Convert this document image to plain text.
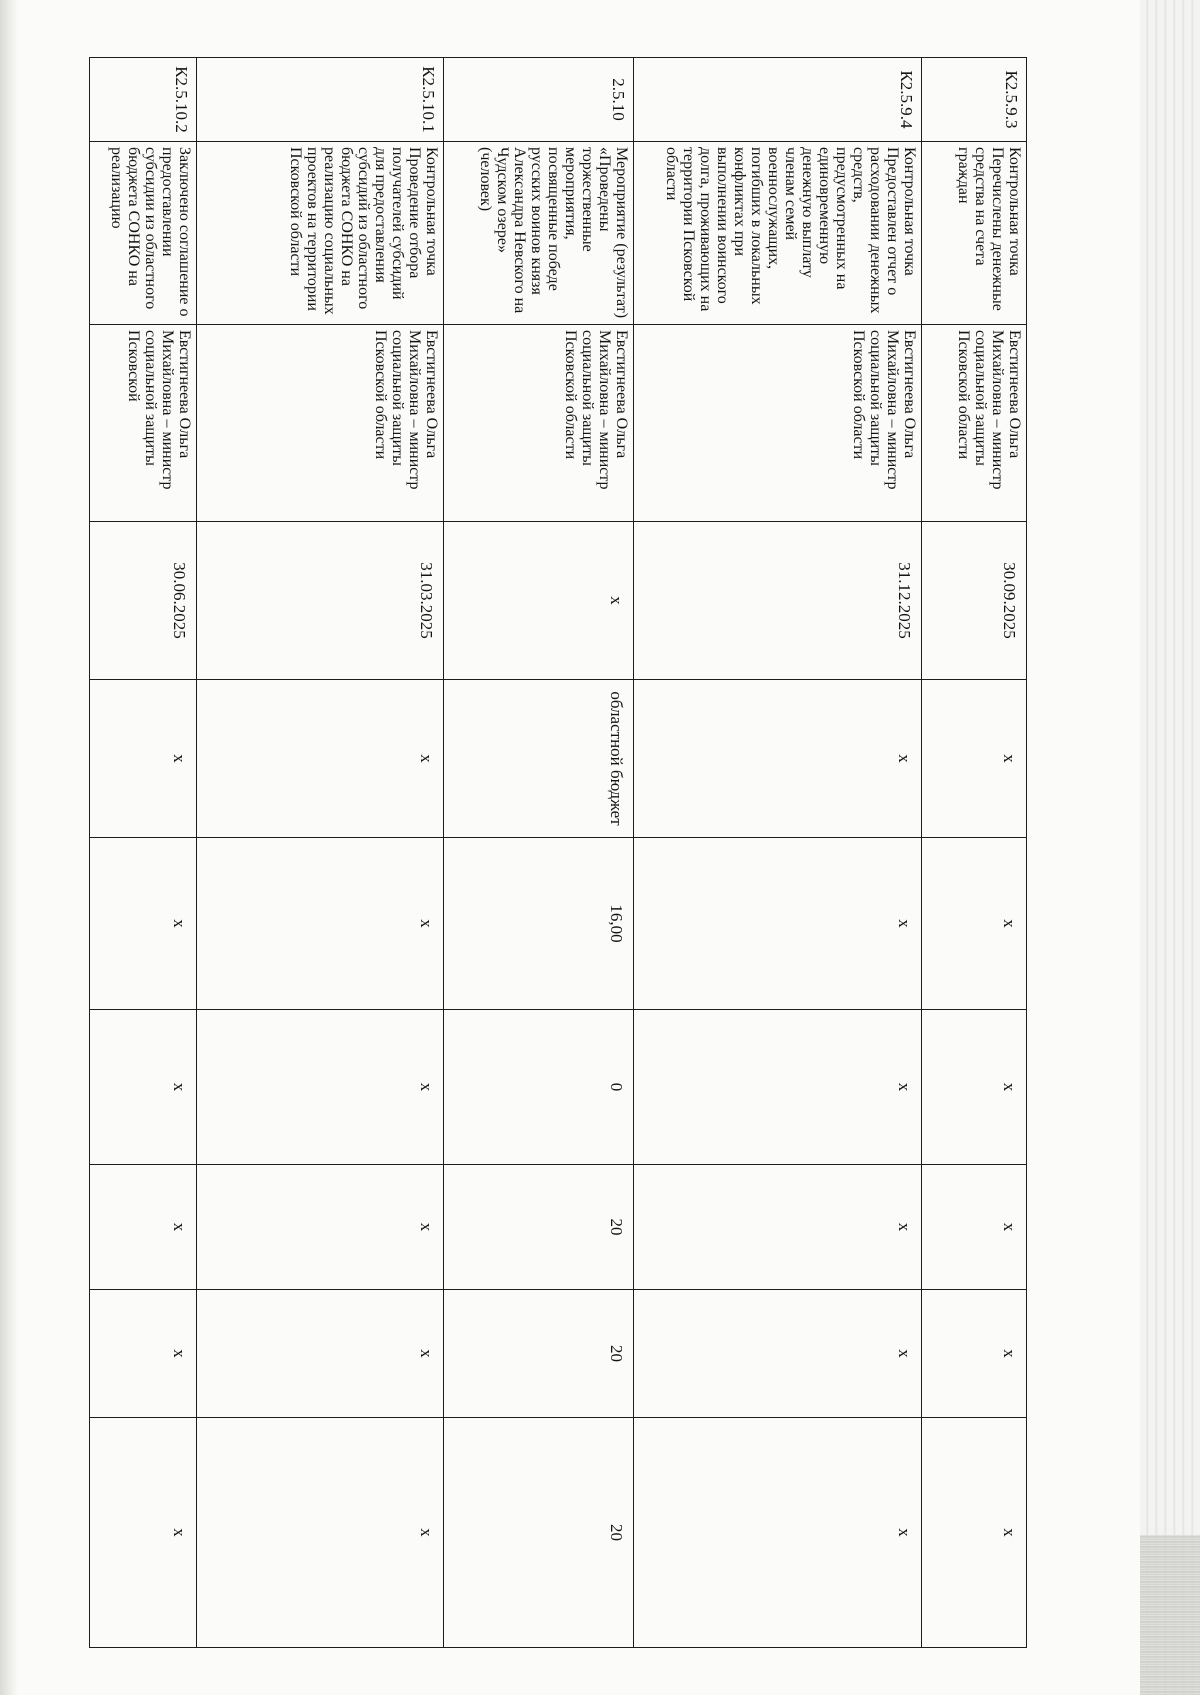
К2.5.9.3	Контрольная точка Перечислены денежные средства на счета граждан	Евстигнеева Ольга Михайловна – министр социальной защиты Псковской области	30.09.2025	x	x	x	x	x	x
К2.5.9.4	Контрольная точка Предоставлен отчет о расходовании денежных средств, предусмотренных на единовременную денежную выплату членам семей военнослужащих, погибших в локальных конфликтах при выполнении воинского долга, проживающих на территории Псковской области	Евстигнеева Ольга Михайловна – министр социальной защиты Псковской области	31.12.2025	x	x	x	x	x	x
2.5.10	Мероприятие (результат) «Проведены торжественные мероприятия, посвященные победе русских воинов князя Александра Невского на Чудском озере» (человек)	Евстигнеева Ольга Михайловна – министр социальной защиты Псковской области	x	областной бюджет	16,00	0	20	20	20
К2.5.10.1	Контрольная точка Проведение отбора получателей субсидий для предоставления субсидий из областного бюджета СОНКО на реализацию социальных проектов на территории Псковской области	Евстигнеева Ольга Михайловна – министр социальной защиты Псковской области	31.03.2025	x	x	x	x	x	x
К2.5.10.2	Заключено соглашение о предоставлении субсидии из областного бюджета СОНКО на реализацию	Евстигнеева Ольга Михайловна – министр социальной защиты Псковской	30.06.2025	x	x	x	x	x	x
